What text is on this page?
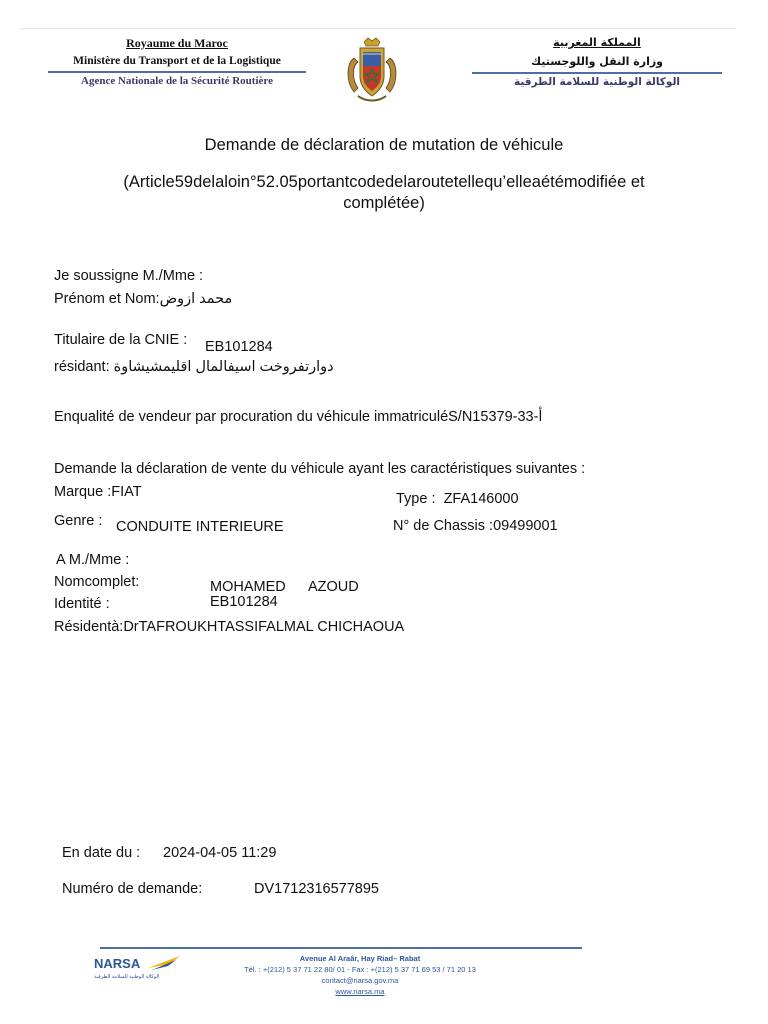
Royaume du Maroc
Ministère du Transport et de la Logistique
Agence Nationale de la Sécurité Routière
المملكة المغربية
وزارة النقل واللوجستيك
الوكالة الوطنية للسلامة الطرقية
Demande de déclaration de mutation de véhicule
(Article59delaloin°52.05portantcodedelaroutetellequ’elleaétémodifiée et complétée)
Je soussigne M./Mme :
Prénom et Nom:محمد ازوض
Titulaire de la CNIE : EB101284
résidant: دوارتفروخت اسيفالمال اقليمشيشاوة
Enqualité de vendeur par procuration du véhicule immatriculéS/N15379-33-أ
Demande la déclaration de vente du véhicule ayant les caractéristiques suivantes :
Marque :FIAT	Type : ZFA146000
Genre : CONDUITE INTERIEURE	N° de Chassis :09499001
A M./Mme :
Nomcomplet:	MOHAMED AZOUD
Identité :	EB101284
Résidentà:DrTAFROUKHTASSIFALMAL CHICHAOUA
En date du : 2024-04-05 11:29
Numéro de demande:	DV1712316577895
NARSA
الوكالة الوطنية للسلامة الطرقية
Avenue Al Araâr, Hay Riad– Rabat
Tél. : +(212) 5 37 71 22 80/ 01 - Fax : +(212) 5 37 71 69 53 / 71 20 13
contact@narsa.gov.ma
www.narsa.ma
